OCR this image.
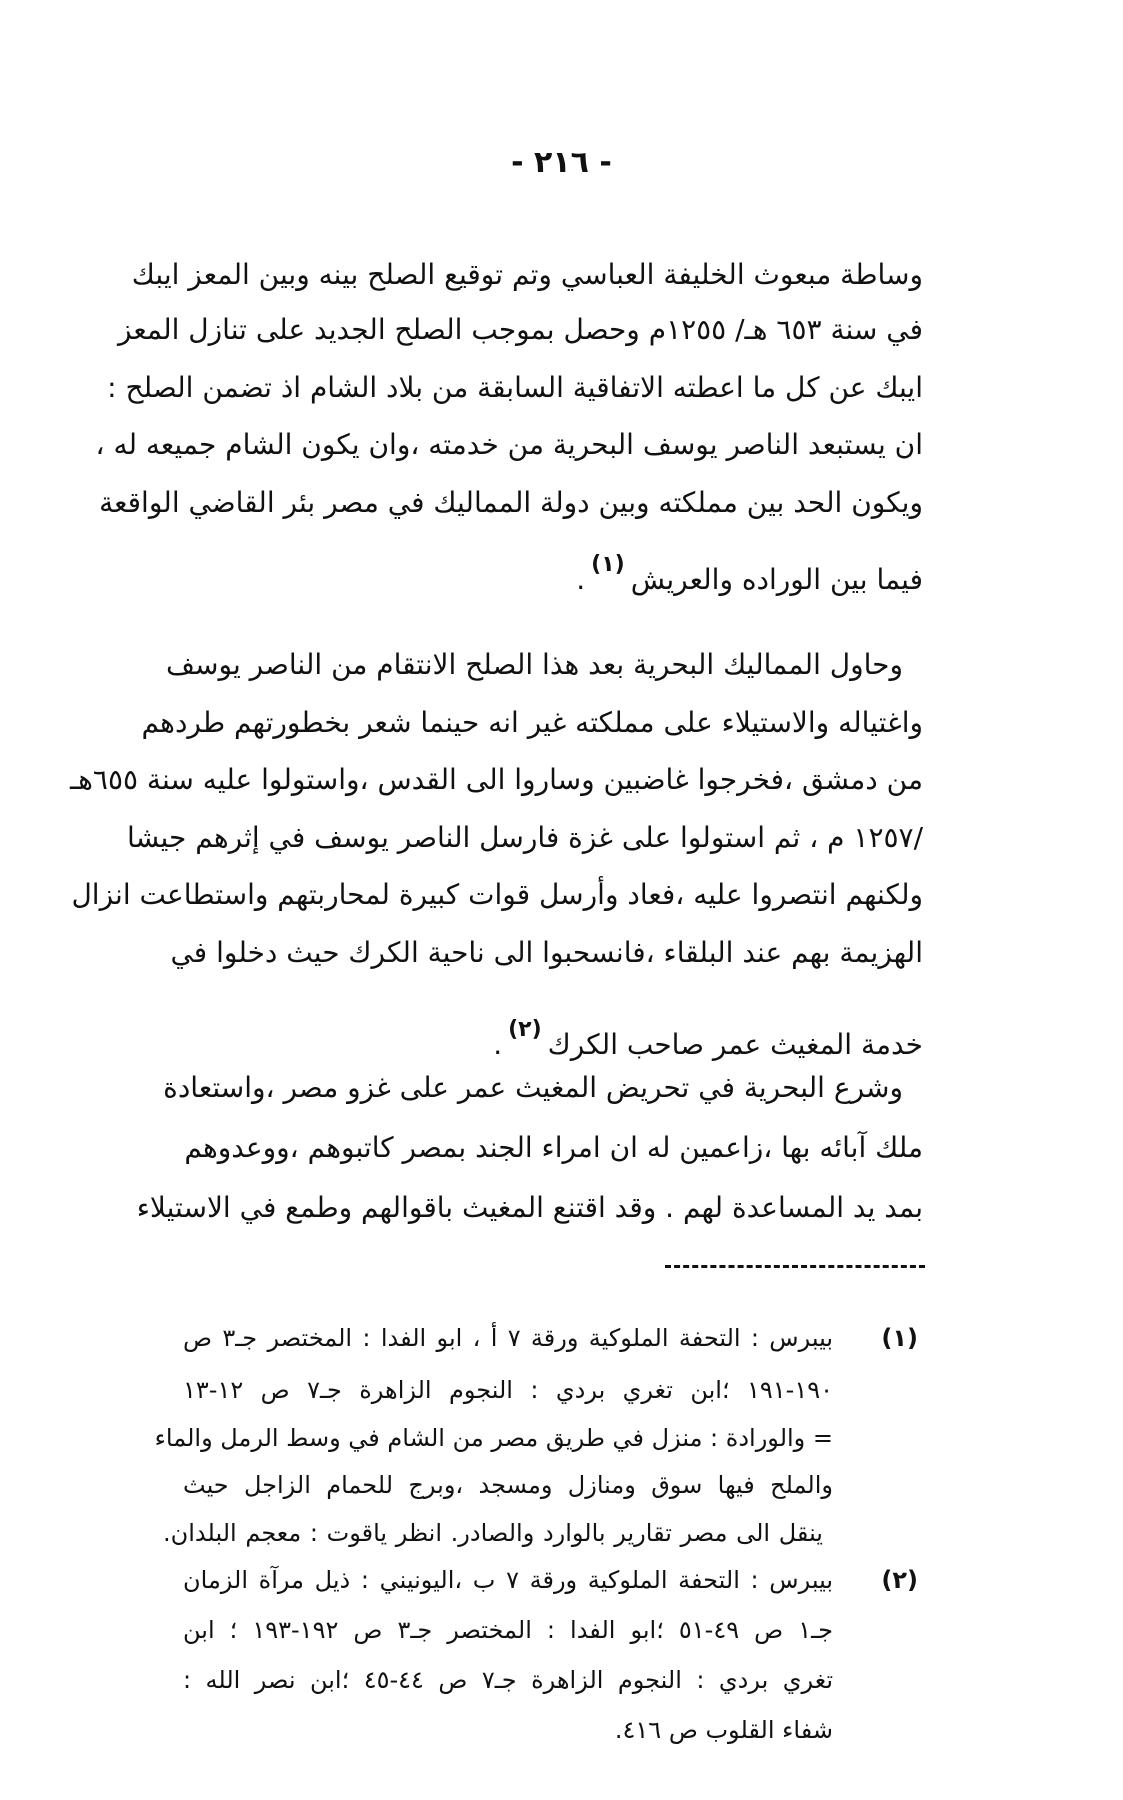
- ٢١٦ -
وساطة مبعوث الخليفة العباسي وتم توقيع الصلح بينه وبين المعز ايبك
في سنة ٦٥٣ هـ/ ١٢٥٥م وحصل بموجب الصلح الجديد على تنازل المعز
ايبك عن كل ما اعطته الاتفاقية السابقة من بلاد الشام اذ تضمن الصلح :
ان يستبعد الناصر يوسف البحرية من خدمته ،وان يكون الشام جميعه له ،
ويكون الحد بين مملكته وبين دولة المماليك في مصر بئر القاضي الواقعة
فيما بين الوراده والعريش$^{(١)}$.
وحاول المماليك البحرية بعد هذا الصلح الانتقام من الناصر يوسف
واغتياله والاستيلاء على مملكته غير انه حينما شعر بخطورتهم طردهم
من دمشق ،فخرجوا غاضبين وساروا الى القدس ،واستولوا عليه سنة ٦٥٥هـ
/١٢٥٧ م ، ثم استولوا على غزة فارسل الناصر يوسف في إثرهم جيشا
ولكنهم انتصروا عليه ،فعاد وأرسل قوات كبيرة لمحاربتهم واستطاعت انزال
الهزيمة بهم عند البلقاء ،فانسحبوا الى ناحية الكرك حيث دخلوا في
خدمة المغيث عمر صاحب الكرك$^{(٢)}$.
وشرع البحرية في تحريض المغيث عمر على غزو مصر ،واستعادة
ملك آبائه بها ،زاعمين له ان امراء الجند بمصر كاتبوهم ،ووعدوهم
بمد يد المساعدة لهم . وقد اقتنع المغيث باقوالهم وطمع في الاستيلاء
(١)
بيبرس : التحفة الملوكية ورقة ٧ أ ، ابو الفدا : المختصر جـ٣ ص
١٩٠-١٩١ ؛ابن تغري بردي : النجوم الزاهرة جـ٧ ص ١٢-١٣
= والورادة : منزل في طريق مصر من الشام في وسط الرمل والماء
والملح فيها سوق ومنازل ومسجد ،وبرج للحمام الزاجل حيث
ينقل الى مصر تقارير بالوارد والصادر. انظر ياقوت : معجم البلدان.
(٢)
بيبرس : التحفة الملوكية ورقة ٧ ب ،اليونيني : ذيل مرآة الزمان
جـ١ ص ٤٩-٥١ ؛ابو الفدا : المختصر جـ٣ ص ١٩٢-١٩٣ ؛ ابن
تغري بردي : النجوم الزاهرة جـ٧ ص ٤٤-٤٥ ؛ابن نصر الله :
شفاء القلوب ص ٤١٦.
